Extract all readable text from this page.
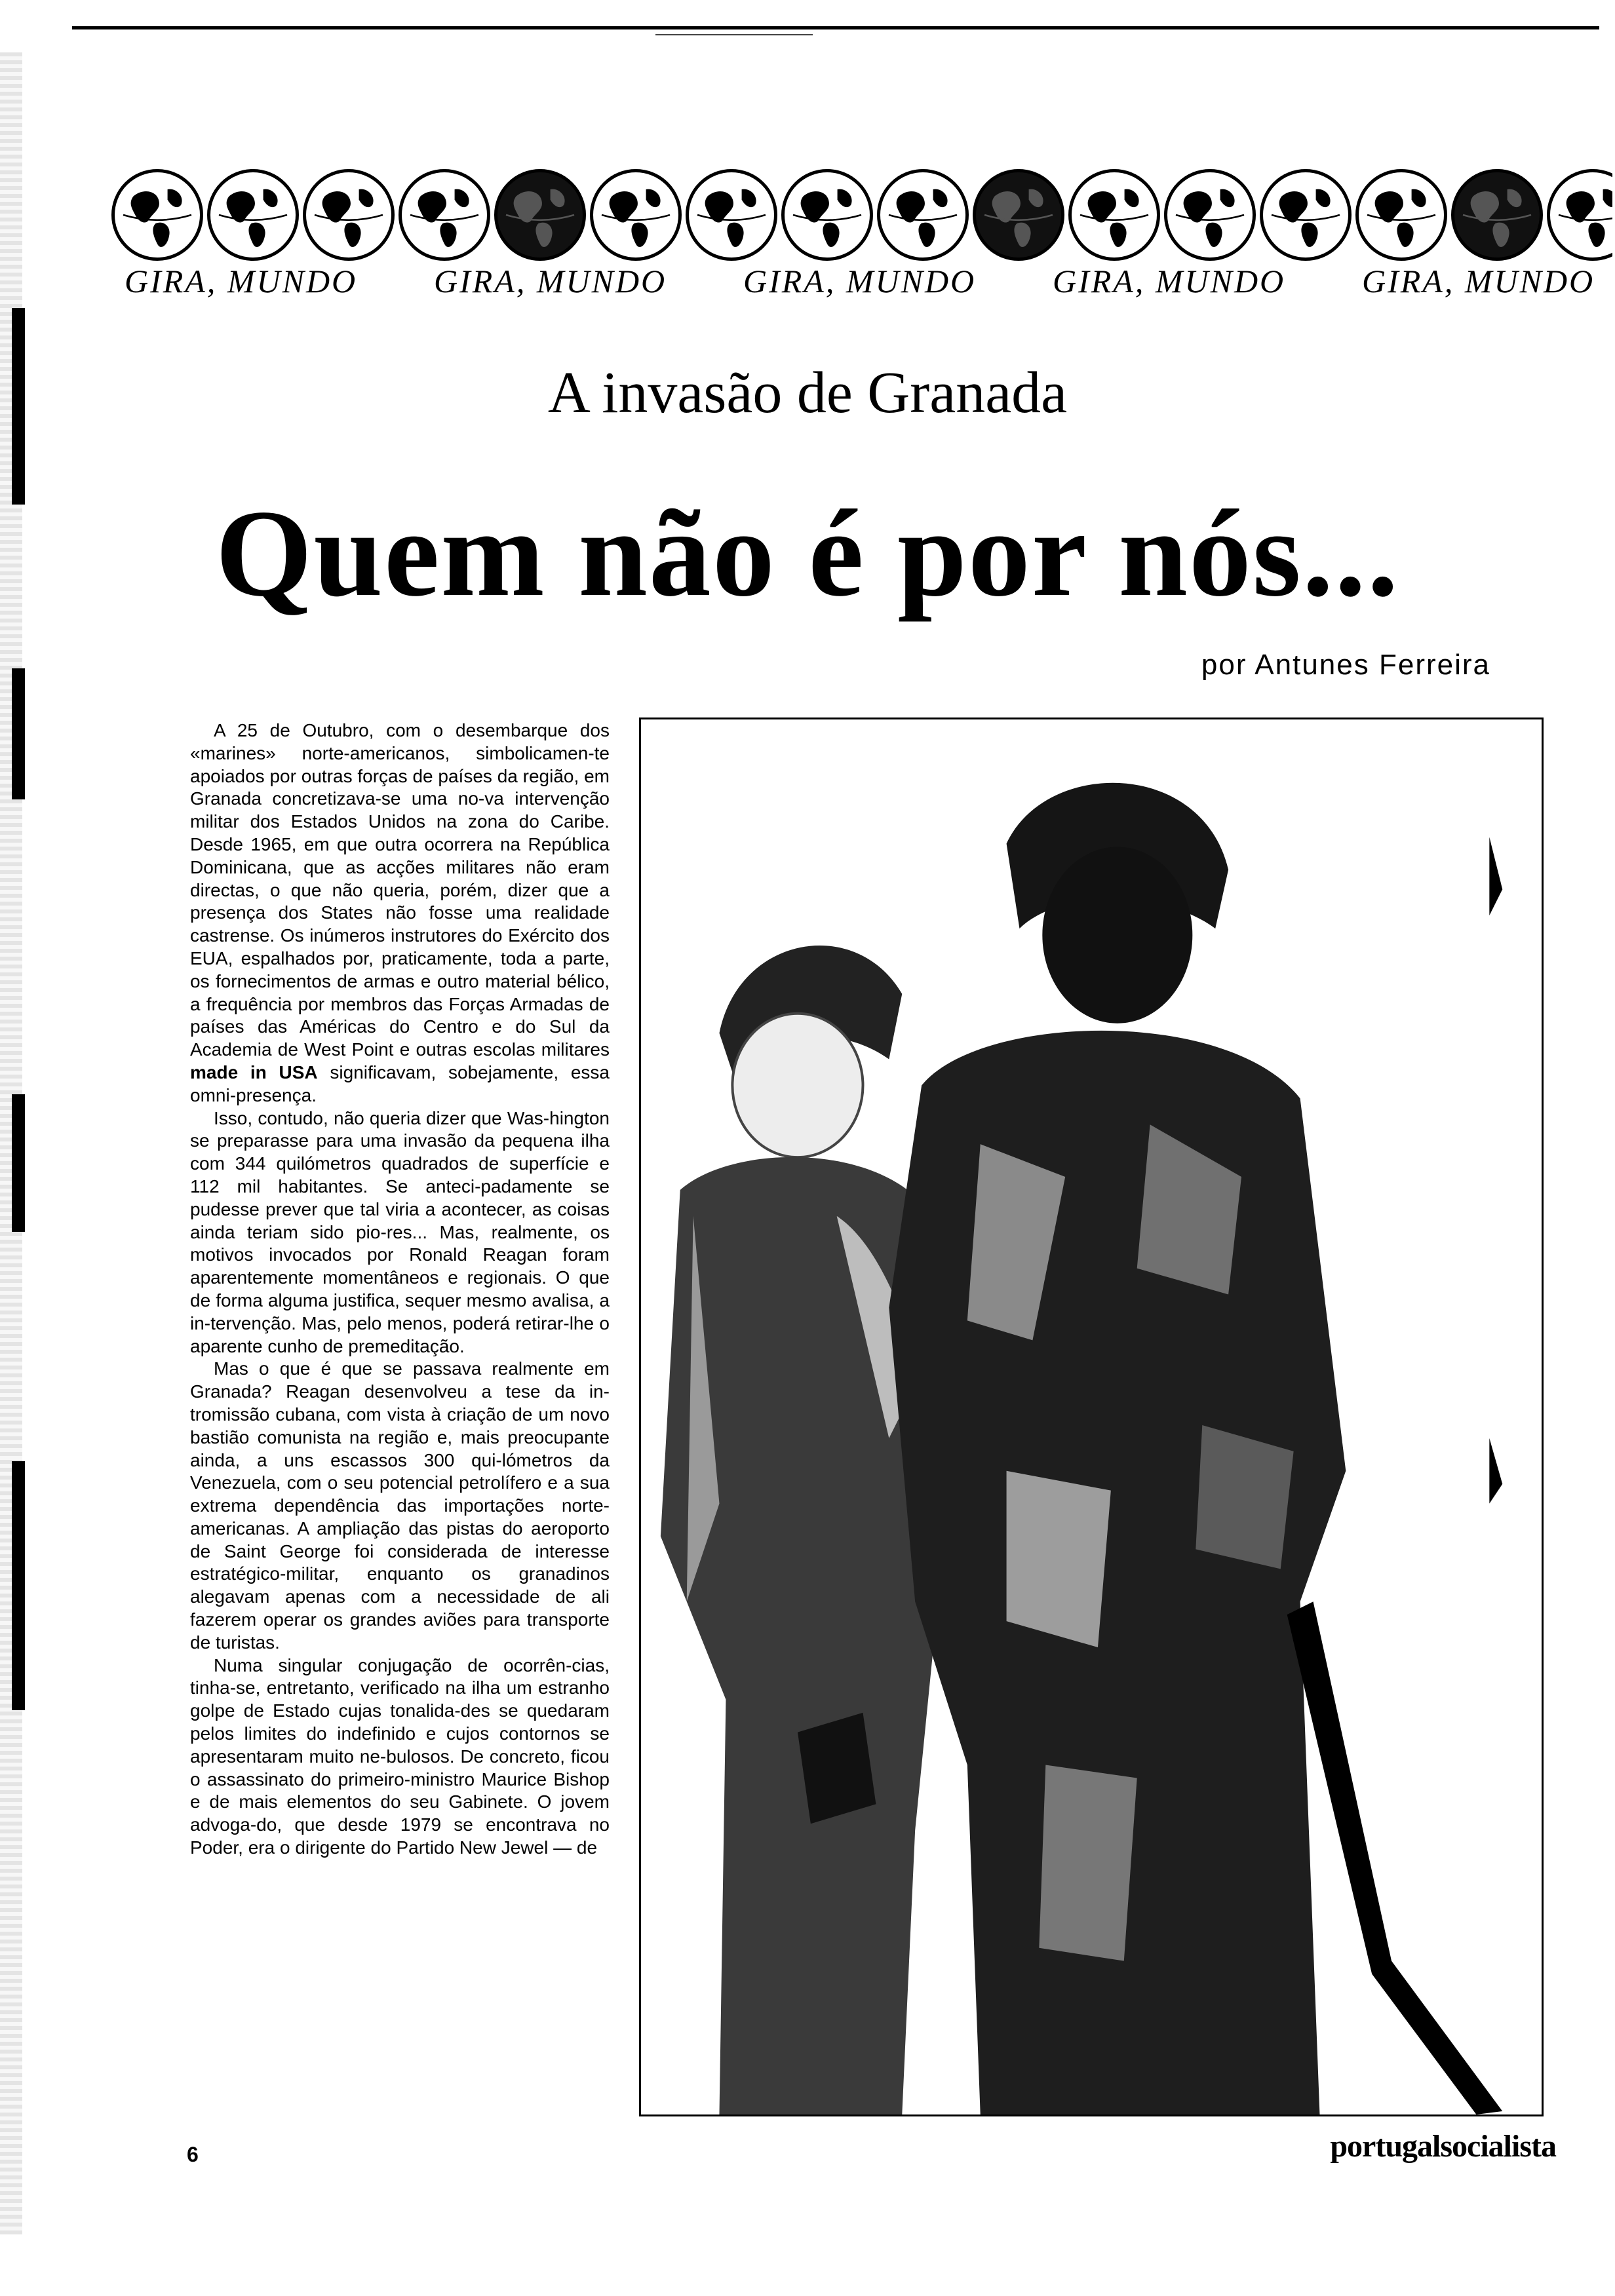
GIRA, MUNDO GIRA, MUNDO GIRA, MUNDO GIRA, MUNDO GIRA, MUNDO
A invasão de Granada
Quem não é por nós...
por Antunes Ferreira

A 25 de Outubro, com o desembarque dos «marines» norte-americanos, simbolicamen-te apoiados por outras forças de países da região, em Granada concretizava-se uma no-va intervenção militar dos Estados Unidos na zona do Caribe. Desde 1965, em que outra ocorrera na República Dominicana, que as acções militares não eram directas, o que não queria, porém, dizer que a presença dos States não fosse uma realidade castrense. Os inúmeros instrutores do Exército dos EUA, espalhados por, praticamente, toda a parte, os fornecimentos de armas e outro material bélico, a frequência por membros das Forças Armadas de países das Américas do Centro e do Sul da Academia de West Point e outras escolas militares made in USA significavam, sobejamente, essa omni-presença.

Isso, contudo, não queria dizer que Was-hington se preparasse para uma invasão da pequena ilha com 344 quilómetros quadrados de superfície e 112 mil habitantes. Se anteci-padamente se pudesse prever que tal viria a acontecer, as coisas ainda teriam sido pio-res... Mas, realmente, os motivos invocados por Ronald Reagan foram aparentemente momentâneos e regionais. O que de forma alguma justifica, sequer mesmo avalisa, a in-tervenção. Mas, pelo menos, poderá retirar-lhe o aparente cunho de premeditação.

Mas o que é que se passava realmente em Granada? Reagan desenvolveu a tese da in-tromissão cubana, com vista à criação de um novo bastião comunista na região e, mais preocupante ainda, a uns escassos 300 qui-lómetros da Venezuela, com o seu potencial petrolífero e a sua extrema dependência das importações norte-americanas. A ampliação das pistas do aeroporto de Saint George foi considerada de interesse estratégico-militar, enquanto os granadinos alegavam apenas com a necessidade de ali fazerem operar os grandes aviões para transporte de turistas.

Numa singular conjugação de ocorrên-cias, tinha-se, entretanto, verificado na ilha um estranho golpe de Estado cujas tonalida-des se quedaram pelos limites do indefinido e cujos contornos se apresentaram muito ne-bulosos. De concreto, ficou o assassinato do primeiro-ministro Maurice Bishop e de mais elementos do seu Gabinete. O jovem advoga-do, que desde 1979 se encontrava no Poder, era o dirigente do Partido New Jewel — de

6	portugalsocialista
